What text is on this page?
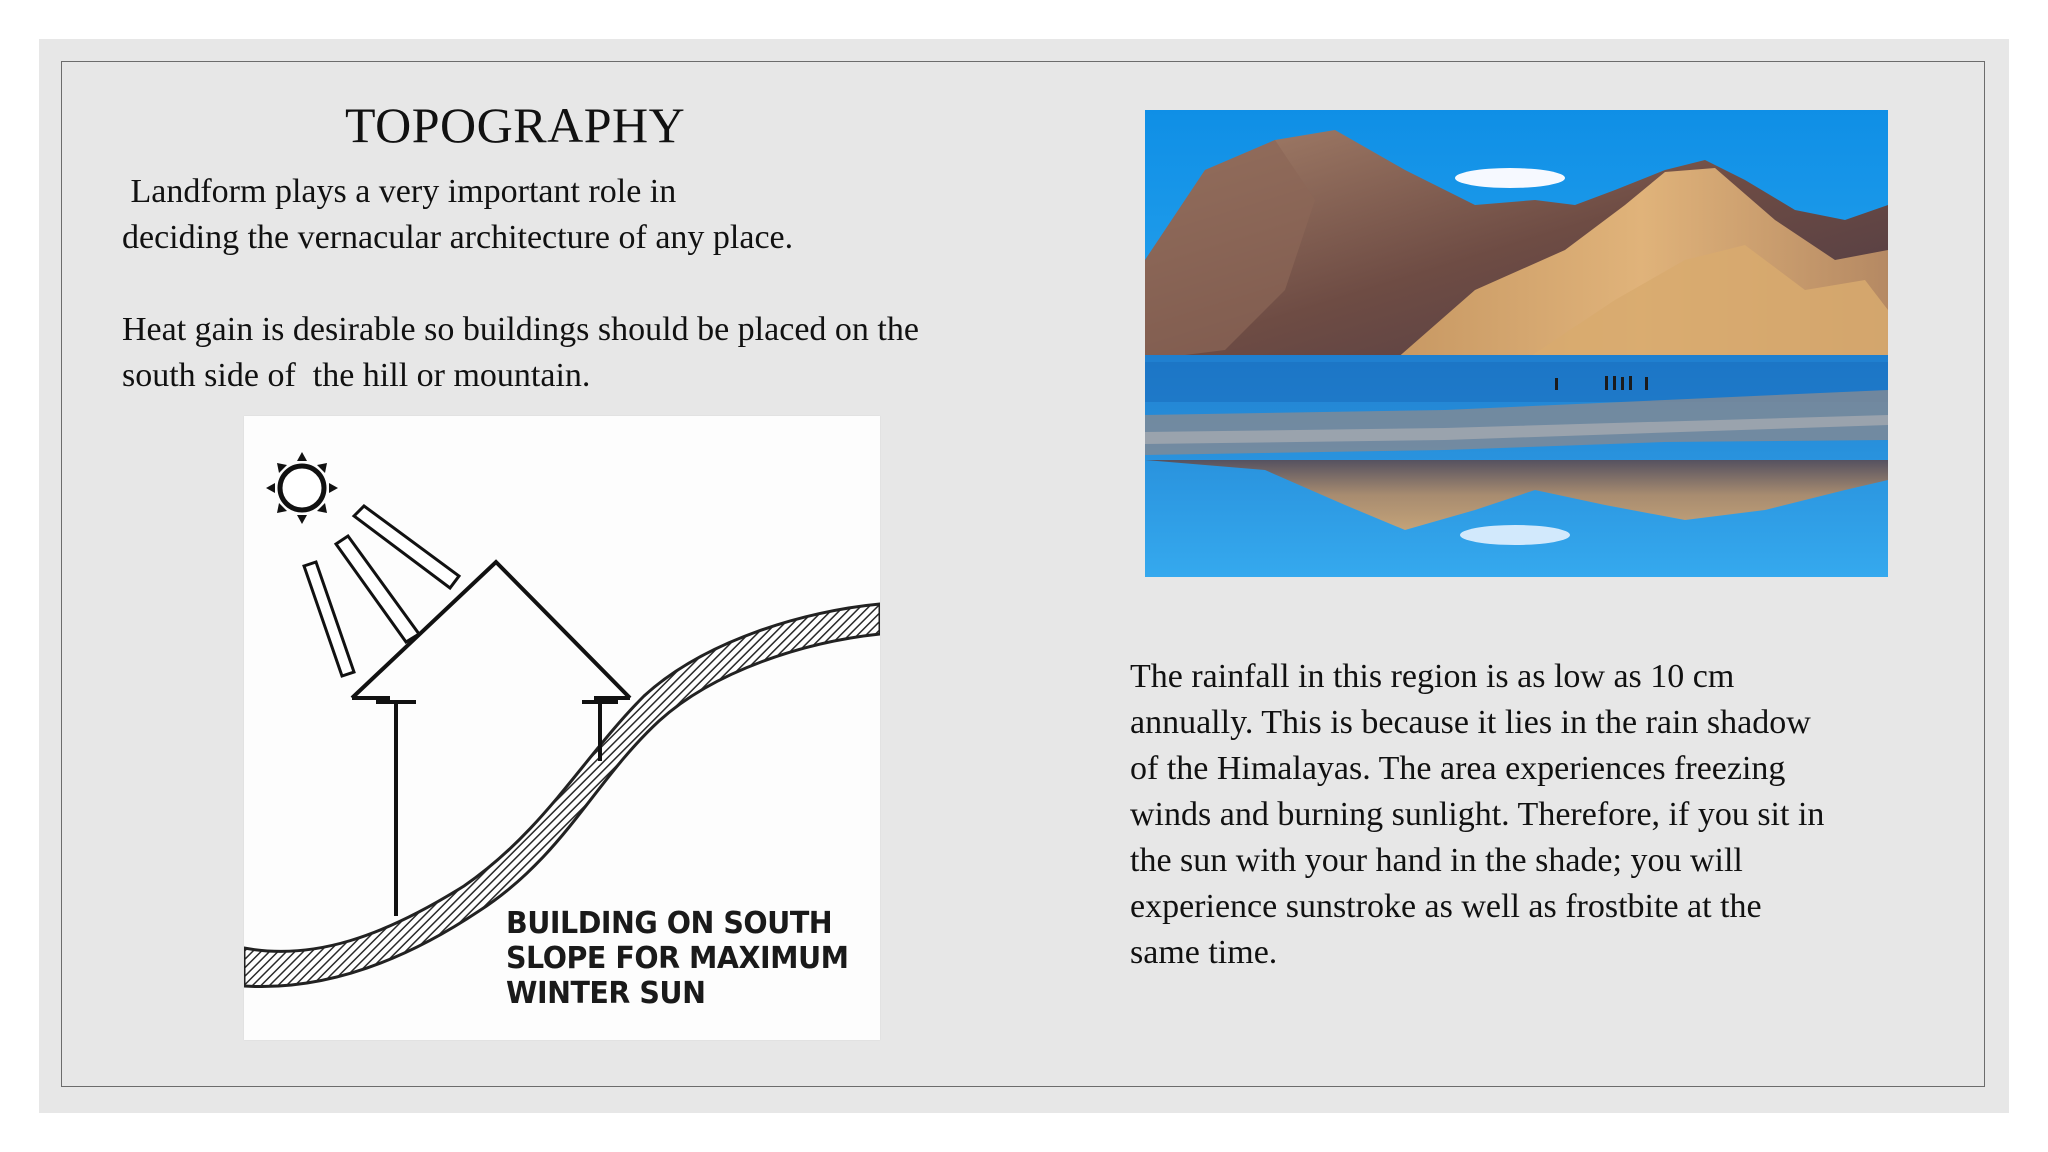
TOPOGRAPHY

Landform plays a very important role in
deciding the vernacular architecture of any place.

Heat gain is desirable so buildings should be placed on the
south side of  the hill or mountain.

BUILDING ON SOUTH
SLOPE FOR MAXIMUM
WINTER SUN

The rainfall in this region is as low as 10 cm
annually. This is because it lies in the rain shadow
of the Himalayas. The area experiences freezing
winds and burning sunlight. Therefore, if you sit in
the sun with your hand in the shade; you will
experience sunstroke as well as frostbite at the
same time.
